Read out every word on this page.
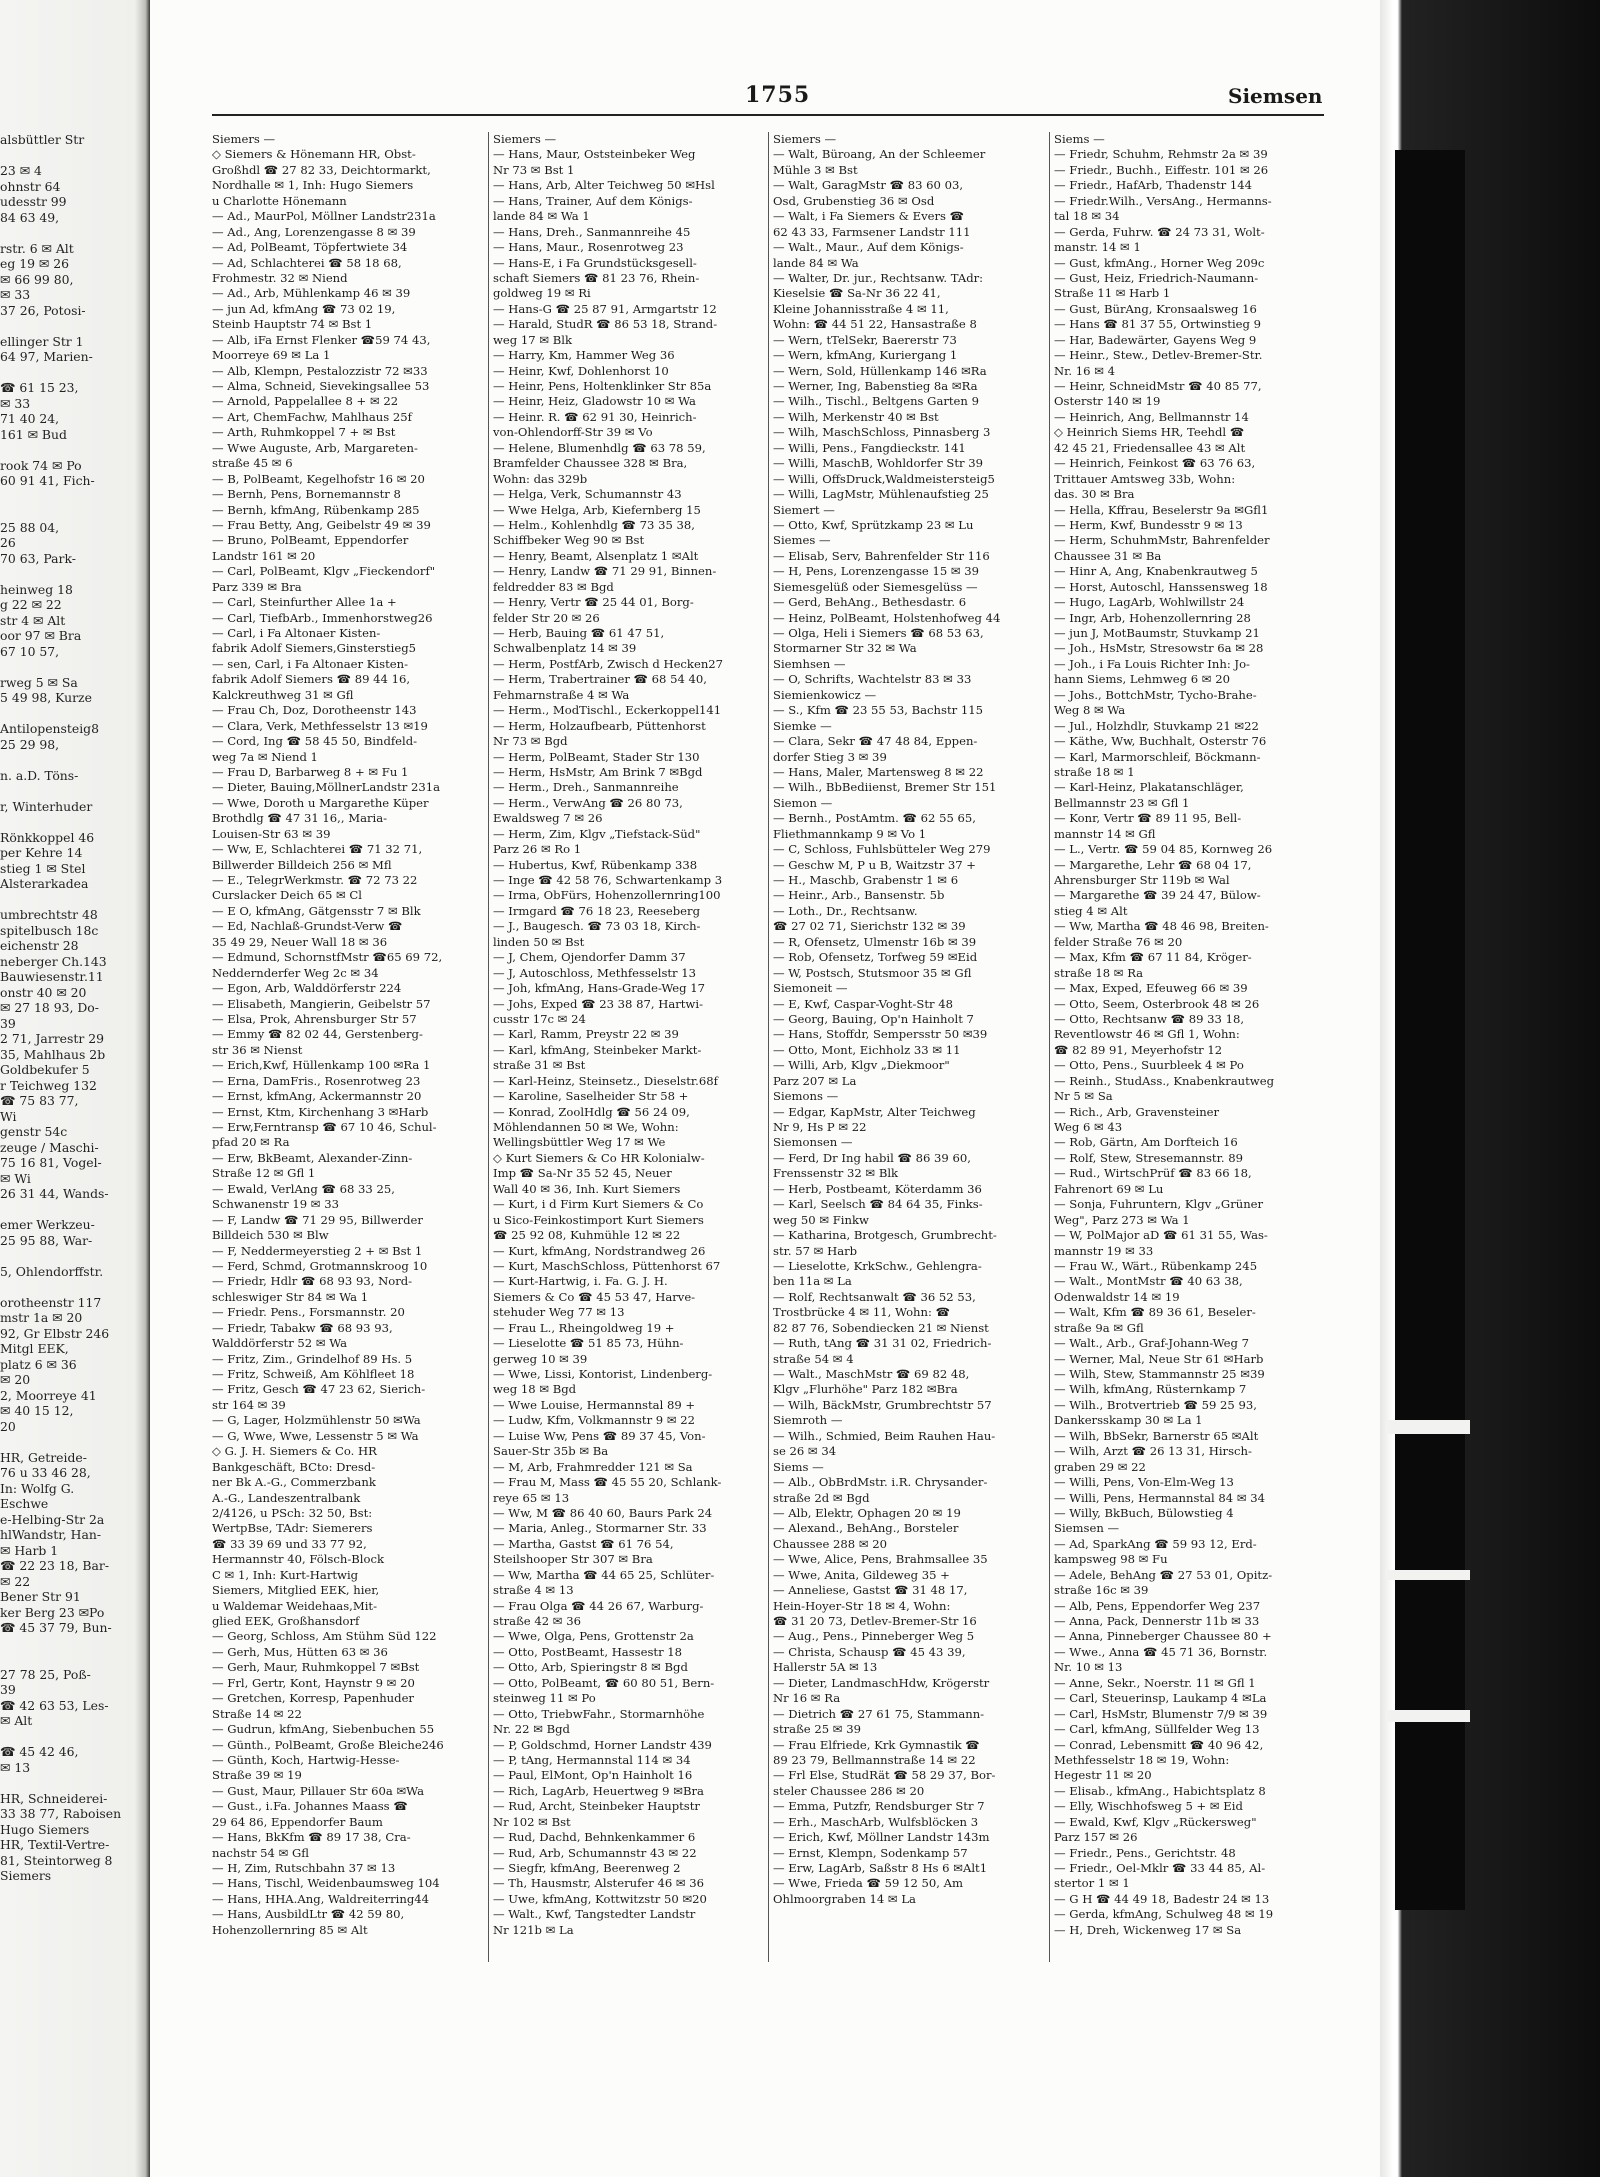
alsbüttler Str
23 ✉ 4
ohnstr 64
udesstr 99
84 63 49,
rstr. 6 ✉ Alt
eg 19 ✉ 26
✉ 66 99 80,
✉ 33
37 26, Potosi-
ellinger Str 1
64 97, Marien-
☎ 61 15 23,
✉ 33
71 40 24,
161 ✉ Bud
rook 74 ✉ Po
60 91 41, Fich-
25 88 04,
26
70 63, Park-
heinweg 18
g 22 ✉ 22
str 4 ✉ Alt
oor 97 ✉ Bra
67 10 57,
rweg 5 ✉ Sa
5 49 98, Kurze
Antilopensteig8
25 29 98,
n. a.D. Töns-
r, Winterhuder
Rönkkoppel 46
per Kehre 14
stieg 1 ✉ Stel
Alsterarkadea
umbrechtstr 48
spitelbusch 18c
eichenstr 28
neberger Ch.143
Bauwiesenstr.11
onstr 40 ✉ 20
✉ 27 18 93, Do-
39
2 71, Jarrestr 29
35, Mahlhaus 2b
Goldbekufer 5
r Teichweg 132
☎ 75 83 77,
Wi
genstr 54c
zeuge / Maschi-
75 16 81, Vogel-
✉ Wi
26 31 44, Wands-
emer Werkzeu-
25 95 88, War-
5, Ohlendorffstr.
orotheenstr 117
mstr 1a ✉ 20
92, Gr Elbstr 246
Mitgl EEK,
platz 6 ✉ 36
✉ 20
2, Moorreye 41
✉ 40 15 12,
20
HR, Getreide-
76 u 33 46 28,
In: Wolfg G.
Eschwe
e-Helbing-Str 2a
hlWandstr, Han-
✉ Harb 1
☎ 22 23 18, Bar-
✉ 22
Bener Str 91
ker Berg 23 ✉Po
☎ 45 37 79, Bun-
27 78 25, Poß-
39
☎ 42 63 53, Les-
✉ Alt
☎ 45 42 46,
✉ 13
HR, Schneiderei-
33 38 77, Raboisen
Hugo Siemers
HR, Textil-Vertre-
81, Steintorweg 8
Siemers
1755	Siemsen
Siemers —
◇ Siemers & Hönemann HR, Obst-
Großhdl ☎ 27 82 33, Deichtormarkt,
Nordhalle ✉ 1, Inh: Hugo Siemers
u Charlotte Hönemann
— Ad., MaurPol, Möllner Landstr231a
— Ad., Ang, Lorenzengasse 8 ✉ 39
— Ad, PolBeamt, Töpfertwiete 34
— Ad, Schlachterei ☎ 58 18 68,
Frohmestr. 32 ✉ Niend
— Ad., Arb, Mühlenkamp 46 ✉ 39
— jun Ad, kfmAng ☎ 73 02 19,
Steinb Hauptstr 74 ✉ Bst 1
— Alb, iFa Ernst Flenker ☎59 74 43,
Moorreye 69 ✉ La 1
— Alb, Klempn, Pestalozzistr 72 ✉33
— Alma, Schneid, Sievekingsallee 53
— Arnold, Pappelallee 8 + ✉ 22
— Art, ChemFachw, Mahlhaus 25f
— Arth, Ruhmkoppel 7 + ✉ Bst
— Wwe Auguste, Arb, Margareten-
straße 45 ✉ 6
— B, PolBeamt, Kegelhofstr 16 ✉ 20
— Bernh, Pens, Bornemannstr 8
— Bernh, kfmAng, Rübenkamp 285
— Frau Betty, Ang, Geibelstr 49 ✉ 39
— Bruno, PolBeamt, Eppendorfer
Landstr 161 ✉ 20
— Carl, PolBeamt, Klgv „Fieckendorf"
Parz 339 ✉ Bra
— Carl, Steinfurther Allee 1a +
— Carl, TiefbArb., Immenhorstweg26
— Carl, i Fa Altonaer Kisten-
fabrik Adolf Siemers,Ginsterstieg5
— sen, Carl, i Fa Altonaer Kisten-
fabrik Adolf Siemers ☎ 89 44 16,
Kalckreuthweg 31 ✉ Gfl
— Frau Ch, Doz, Dorotheenstr 143
— Clara, Verk, Methfesselstr 13 ✉19
— Cord, Ing ☎ 58 45 50, Bindfeld-
weg 7a ✉ Niend 1
— Frau D, Barbarweg 8 + ✉ Fu 1
— Dieter, Bauing,MöllnerLandstr 231a
— Wwe, Doroth u Margarethe Küper
Brothdlg ☎ 47 31 16,, Maria-
Louisen-Str 63 ✉ 39
— Ww, E, Schlachterei ☎ 71 32 71,
Billwerder Billdeich 256 ✉ Mfl
— E., TelegrWerkmstr. ☎ 72 73 22
Curslacker Deich 65 ✉ Cl
— E O, kfmAng, Gätgensstr 7 ✉ Blk
— Ed, Nachlaß-Grundst-Verw ☎
35 49 29, Neuer Wall 18 ✉ 36
— Edmund, SchornstfMstr ☎65 69 72,
Neddernderfer Weg 2c ✉ 34
— Egon, Arb, Walddörferstr 224
— Elisabeth, Mangierin, Geibelstr 57
— Elsa, Prok, Ahrensburger Str 57
— Emmy ☎ 82 02 44, Gerstenberg-
str 36 ✉ Nienst
— Erich,Kwf, Hüllenkamp 100 ✉Ra 1
— Erna, DamFris., Rosenrotweg 23
— Ernst, kfmAng, Ackermannstr 20
— Ernst, Ktm, Kirchenhang 3 ✉Harb
— Erw,Ferntransp ☎ 67 10 46, Schul-
pfad 20 ✉ Ra
— Erw, BkBeamt, Alexander-Zinn-
Straße 12 ✉ Gfl 1
— Ewald, VerlAng ☎ 68 33 25,
Schwanenstr 19 ✉ 33
— F, Landw ☎ 71 29 95, Billwerder
Billdeich 530 ✉ Blw
— F, Neddermeyerstieg 2 + ✉ Bst 1
— Ferd, Schmd, Grotmannskroog 10
— Friedr, Hdlr ☎ 68 93 93, Nord-
schleswiger Str 84 ✉ Wa 1
— Friedr. Pens., Forsmannstr. 20
— Friedr, Tabakw ☎ 68 93 93,
Walddörferstr 52 ✉ Wa
— Fritz, Zim., Grindelhof 89 Hs. 5
— Fritz, Schweiß, Am Köhlfleet 18
— Fritz, Gesch ☎ 47 23 62, Sierich-
str 164 ✉ 39
— G, Lager, Holzmühlenstr 50 ✉Wa
— G, Wwe, Wwe, Lessenstr 5 ✉ Wa
◇ G. J. H. Siemers & Co. HR
Bankgeschäft, BCto: Dresd-
ner Bk A.-G., Commerzbank
A.-G., Landeszentralbank
2/4126, u PSch: 32 50, Bst:
WertpBse, TAdr: Siemerers
☎ 33 39 69 und 33 77 92,
Hermannstr 40, Fölsch-Block
C ✉ 1, Inh: Kurt-Hartwig
Siemers, Mitglied EEK, hier,
u Waldemar Weidehaas,Mit-
glied EEK, Großhansdorf
— Georg, Schloss, Am Stühm Süd 122
— Gerh, Mus, Hütten 63 ✉ 36
— Gerh, Maur, Ruhmkoppel 7 ✉Bst
— Frl, Gertr, Kont, Haynstr 9 ✉ 20
— Gretchen, Korresp, Papenhuder
Straße 14 ✉ 22
— Gudrun, kfmAng, Siebenbuchen 55
— Günth., PolBeamt, Große Bleiche246
— Günth, Koch, Hartwig-Hesse-
Straße 39 ✉ 19
— Gust, Maur, Pillauer Str 60a ✉Wa
— Gust., i.Fa. Johannes Maass ☎
29 64 86, Eppendorfer Baum
— Hans, BkKfm ☎ 89 17 38, Cra-
nachstr 54 ✉ Gfl
— H, Zim, Rutschbahn 37 ✉ 13
— Hans, Tischl, Weidenbaumsweg 104
— Hans, HHA.Ang, Waldreiterring44
— Hans, AusbildLtr ☎ 42 59 80,
Hohenzollernring 85 ✉ Alt
Siemers —
— Hans, Maur, Oststeinbeker Weg
Nr 73 ✉ Bst 1
— Hans, Arb, Alter Teichweg 50 ✉Hsl
— Hans, Trainer, Auf dem Königs-
lande 84 ✉ Wa 1
— Hans, Dreh., Sanmannreihe 45
— Hans, Maur., Rosenrotweg 23
— Hans-E, i Fa Grundstücksgesell-
schaft Siemers ☎ 81 23 76, Rhein-
goldweg 19 ✉ Ri
— Hans-G ☎ 25 87 91, Armgartstr 12
— Harald, StudR ☎ 86 53 18, Strand-
weg 17 ✉ Blk
— Harry, Km, Hammer Weg 36
— Heinr, Kwf, Dohlenhorst 10
— Heinr, Pens, Holtenklinker Str 85a
— Heinr, Heiz, Gladowstr 10 ✉ Wa
— Heinr. R. ☎ 62 91 30, Heinrich-
von-Ohlendorff-Str 39 ✉ Vo
— Helene, Blumenhdlg ☎ 63 78 59,
Bramfelder Chaussee 328 ✉ Bra,
Wohn: das 329b
— Helga, Verk, Schumannstr 43
— Wwe Helga, Arb, Kiefernberg 15
— Helm., Kohlenhdlg ☎ 73 35 38,
Schiffbeker Weg 90 ✉ Bst
— Henry, Beamt, Alsenplatz 1 ✉Alt
— Henry, Landw ☎ 71 29 91, Binnen-
feldredder 83 ✉ Bgd
— Henry, Vertr ☎ 25 44 01, Borg-
felder Str 20 ✉ 26
— Herb, Bauing ☎ 61 47 51,
Schwalbenplatz 14 ✉ 39
— Herm, PostfArb, Zwisch d Hecken27
— Herm, Trabertrainer ☎ 68 54 40,
Fehmarnstraße 4 ✉ Wa
— Herm., ModTischl., Eckerkoppel141
— Herm, Holzaufbearb, Püttenhorst
Nr 73 ✉ Bgd
— Herm, PolBeamt, Stader Str 130
— Herm, HsMstr, Am Brink 7 ✉Bgd
— Herm., Dreh., Sanmannreihe
— Herm., VerwAng ☎ 26 80 73,
Ewaldsweg 7 ✉ 26
— Herm, Zim, Klgv „Tiefstack-Süd"
Parz 26 ✉ Ro 1
— Hubertus, Kwf, Rübenkamp 338
— Inge ☎ 42 58 76, Schwartenkamp 3
— Irma, ObFürs, Hohenzollernring100
— Irmgard ☎ 76 18 23, Reeseberg
— J., Baugesch. ☎ 73 03 18, Kirch-
linden 50 ✉ Bst
— J, Chem, Ojendorfer Damm 37
— J, Autoschloss, Methfesselstr 13
— Joh, kfmAng, Hans-Grade-Weg 17
— Johs, Exped ☎ 23 38 87, Hartwi-
cusstr 17c ✉ 24
— Karl, Ramm, Preystr 22 ✉ 39
— Karl, kfmAng, Steinbeker Markt-
straße 31 ✉ Bst
— Karl-Heinz, Steinsetz., Dieselstr.68f
— Karoline, Saselheider Str 58 +
— Konrad, ZoolHdlg ☎ 56 24 09,
Möhlendannen 50 ✉ We, Wohn:
Wellingsbüttler Weg 17 ✉ We
◇ Kurt Siemers & Co HR Kolonialw-
Imp ☎ Sa-Nr 35 52 45, Neuer
Wall 40 ✉ 36, Inh. Kurt Siemers
— Kurt, i d Firm Kurt Siemers & Co
u Sico-Feinkostimport Kurt Siemers
☎ 25 92 08, Kuhmühle 12 ✉ 22
— Kurt, kfmAng, Nordstrandweg 26
— Kurt, MaschSchloss, Püttenhorst 67
— Kurt-Hartwig, i. Fa. G. J. H.
Siemers & Co ☎ 45 53 47, Harve-
stehuder Weg 77 ✉ 13
— Frau L., Rheingoldweg 19 +
— Lieselotte ☎ 51 85 73, Hühn-
gerweg 10 ✉ 39
— Wwe, Lissi, Kontorist, Lindenberg-
weg 18 ✉ Bgd
— Wwe Louise, Hermannstal 89 +
— Ludw, Kfm, Volkmannstr 9 ✉ 22
— Luise Ww, Pens ☎ 89 37 45, Von-
Sauer-Str 35b ✉ Ba
— M, Arb, Frahmredder 121 ✉ Sa
— Frau M, Mass ☎ 45 55 20, Schlank-
reye 65 ✉ 13
— Ww, M ☎ 86 40 60, Baurs Park 24
— Maria, Anleg., Stormarner Str. 33
— Martha, Gastst ☎ 61 76 54,
Steilshooper Str 307 ✉ Bra
— Ww, Martha ☎ 44 65 25, Schlüter-
straße 4 ✉ 13
— Frau Olga ☎ 44 26 67, Warburg-
straße 42 ✉ 36
— Wwe, Olga, Pens, Grottenstr 2a
— Otto, PostBeamt, Hassestr 18
— Otto, Arb, Spieringstr 8 ✉ Bgd
— Otto, PolBeamt, ☎ 60 80 51, Bern-
steinweg 11 ✉ Po
— Otto, TriebwFahr., Stormarnhöhe
Nr. 22 ✉ Bgd
— P, Goldschmd, Horner Landstr 439
— P, tAng, Hermannstal 114 ✉ 34
— Paul, ElMont, Op'n Hainholt 16
— Rich, LagArb, Heuertweg 9 ✉Bra
— Rud, Archt, Steinbeker Hauptstr
Nr 102 ✉ Bst
— Rud, Dachd, Behnkenkammer 6
— Rud, Arb, Schumannstr 43 ✉ 22
— Siegfr, kfmAng, Beerenweg 2
— Th, Hausmstr, Alsterufer 46 ✉ 36
— Uwe, kfmAng, Kottwitzstr 50 ✉20
— Walt., Kwf, Tangstedter Landstr
Nr 121b ✉ La
Siemers —
— Walt, Büroang, An der Schleemer
Mühle 3 ✉ Bst
— Walt, GaragMstr ☎ 83 60 03,
Osd, Grubenstieg 36 ✉ Osd
— Walt, i Fa Siemers & Evers ☎
62 43 33, Farmsener Landstr 111
— Walt., Maur., Auf dem Königs-
lande 84 ✉ Wa
— Walter, Dr. jur., Rechtsanw. TAdr:
Kieselsie ☎ Sa-Nr 36 22 41,
Kleine Johannisstraße 4 ✉ 11,
Wohn: ☎ 44 51 22, Hansastraße 8
— Wern, tTelSekr, Baererstr 73
— Wern, kfmAng, Kuriergang 1
— Wern, Sold, Hüllenkamp 146 ✉Ra
— Werner, Ing, Babenstieg 8a ✉Ra
— Wilh., Tischl., Beltgens Garten 9
— Wilh, Merkenstr 40 ✉ Bst
— Wilh, MaschSchloss, Pinnasberg 3
— Willi, Pens., Fangdieckstr. 141
— Willi, MaschB, Wohldorfer Str 39
— Willi, OffsDruck,Waldmeistersteig5
— Willi, LagMstr, Mühlenaufstieg 25
Siemert —
— Otto, Kwf, Sprützkamp 23 ✉ Lu
Siemes —
— Elisab, Serv, Bahrenfelder Str 116
— H, Pens, Lorenzengasse 15 ✉ 39
Siemesgelüß oder Siemesgelüss —
— Gerd, BehAng., Bethesdastr. 6
— Heinz, PolBeamt, Holstenhofweg 44
— Olga, Heli i Siemers ☎ 68 53 63,
Stormarner Str 32 ✉ Wa
Siemhsen —
— O, Schrifts, Wachtelstr 83 ✉ 33
Siemienkowicz —
— S., Kfm ☎ 23 55 53, Bachstr 115
Siemke —
— Clara, Sekr ☎ 47 48 84, Eppen-
dorfer Stieg 3 ✉ 39
— Hans, Maler, Martensweg 8 ✉ 22
— Wilh., BbBediienst, Bremer Str 151
Siemon —
— Bernh., PostAmtm. ☎ 62 55 65,
Fliethmannkamp 9 ✉ Vo 1
— C, Schloss, Fuhlsbütteler Weg 279
— Geschw M, P u B, Waitzstr 37 +
— H., Maschb, Grabenstr 1 ✉ 6
— Heinr., Arb., Bansenstr. 5b
— Loth., Dr., Rechtsanw.
☎ 27 02 71, Sierichstr 132 ✉ 39
— R, Ofensetz, Ulmenstr 16b ✉ 39
— Rob, Ofensetz, Torfweg 59 ✉Eid
— W, Postsch, Stutsmoor 35 ✉ Gfl
Siemoneit —
— E, Kwf, Caspar-Voght-Str 48
— Georg, Bauing, Op'n Hainholt 7
— Hans, Stoffdr, Sempersstr 50 ✉39
— Otto, Mont, Eichholz 33 ✉ 11
— Willi, Arb, Klgv „Diekmoor"
Parz 207 ✉ La
Siemons —
— Edgar, KapMstr, Alter Teichweg
Nr 9, Hs P ✉ 22
Siemonsen —
— Ferd, Dr Ing habil ☎ 86 39 60,
Frenssenstr 32 ✉ Blk
— Herb, Postbeamt, Köterdamm 36
— Karl, Seelsch ☎ 84 64 35, Finks-
weg 50 ✉ Finkw
— Katharina, Brotgesch, Grumbrecht-
str. 57 ✉ Harb
— Lieselotte, KrkSchw., Gehlengra-
ben 11a ✉ La
— Rolf, Rechtsanwalt ☎ 36 52 53,
Trostbrücke 4 ✉ 11, Wohn: ☎
82 87 76, Sobendiecken 21 ✉ Nienst
— Ruth, tAng ☎ 31 31 02, Friedrich-
straße 54 ✉ 4
— Walt., MaschMstr ☎ 69 82 48,
Klgv „Flurhöhe" Parz 182 ✉Bra
— Wilh, BäckMstr, Grumbrechtstr 57
Siemroth —
— Wilh., Schmied, Beim Rauhen Hau-
se 26 ✉ 34
Siems —
— Alb., ObBrdMstr. i.R. Chrysander-
straße 2d ✉ Bgd
— Alb, Elektr, Ophagen 20 ✉ 19
— Alexand., BehAng., Borsteler
Chaussee 288 ✉ 20
— Wwe, Alice, Pens, Brahmsallee 35
— Wwe, Anita, Gildeweg 35 +
— Anneliese, Gastst ☎ 31 48 17,
Hein-Hoyer-Str 18 ✉ 4, Wohn:
☎ 31 20 73, Detlev-Bremer-Str 16
— Aug., Pens., Pinneberger Weg 5
— Christa, Schausp ☎ 45 43 39,
Hallerstr 5A ✉ 13
— Dieter, LandmaschHdw, Krögerstr
Nr 16 ✉ Ra
— Dietrich ☎ 27 61 75, Stammann-
straße 25 ✉ 39
— Frau Elfriede, Krk Gymnastik ☎
89 23 79, Bellmannstraße 14 ✉ 22
— Frl Else, StudRät ☎ 58 29 37, Bor-
steler Chaussee 286 ✉ 20
— Emma, Putzfr, Rendsburger Str 7
— Erh., MaschArb, Wulfsblöcken 3
— Erich, Kwf, Möllner Landstr 143m
— Ernst, Klempn, Sodenkamp 57
— Erw, LagArb, Saßstr 8 Hs 6 ✉Alt1
— Wwe, Frieda ☎ 59 12 50, Am
Ohlmoorgraben 14 ✉ La
Siems —
— Friedr, Schuhm, Rehmstr 2a ✉ 39
— Friedr., Buchh., Eiffestr. 101 ✉ 26
— Friedr., HafArb, Thadenstr 144
— Friedr.Wilh., VersAng., Hermanns-
tal 18 ✉ 34
— Gerda, Fuhrw. ☎ 24 73 31, Wolt-
manstr. 14 ✉ 1
— Gust, kfmAng., Horner Weg 209c
— Gust, Heiz, Friedrich-Naumann-
Straße 11 ✉ Harb 1
— Gust, BürAng, Kronsaalsweg 16
— Hans ☎ 81 37 55, Ortwinstieg 9
— Har, Badewärter, Gayens Weg 9
— Heinr., Stew., Detlev-Bremer-Str.
Nr. 16 ✉ 4
— Heinr, SchneidMstr ☎ 40 85 77,
Osterstr 140 ✉ 19
— Heinrich, Ang, Bellmannstr 14
◇ Heinrich Siems HR, Teehdl ☎
42 45 21, Friedensallee 43 ✉ Alt
— Heinrich, Feinkost ☎ 63 76 63,
Trittauer Amtsweg 33b, Wohn:
das. 30 ✉ Bra
— Hella, Kffrau, Beselerstr 9a ✉Gfl1
— Herm, Kwf, Bundesstr 9 ✉ 13
— Herm, SchuhmMstr, Bahrenfelder
Chaussee 31 ✉ Ba
— Hinr A, Ang, Knabenkrautweg 5
— Horst, Autoschl, Hanssensweg 18
— Hugo, LagArb, Wohlwillstr 24
— Ingr, Arb, Hohenzollernring 28
— jun J, MotBaumstr, Stuvkamp 21
— Joh., HsMstr, Stresowstr 6a ✉ 28
— Joh., i Fa Louis Richter Inh: Jo-
hann Siems, Lehmweg 6 ✉ 20
— Johs., BottchMstr, Tycho-Brahe-
Weg 8 ✉ Wa
— Jul., Holzhdlr, Stuvkamp 21 ✉22
— Käthe, Ww, Buchhalt, Osterstr 76
— Karl, Marmorschleif, Böckmann-
straße 18 ✉ 1
— Karl-Heinz, Plakatanschläger,
Bellmannstr 23 ✉ Gfl 1
— Konr, Vertr ☎ 89 11 95, Bell-
mannstr 14 ✉ Gfl
— L., Vertr. ☎ 59 04 85, Kornweg 26
— Margarethe, Lehr ☎ 68 04 17,
Ahrensburger Str 119b ✉ Wal
— Margarethe ☎ 39 24 47, Bülow-
stieg 4 ✉ Alt
— Ww, Martha ☎ 48 46 98, Breiten-
felder Straße 76 ✉ 20
— Max, Kfm ☎ 67 11 84, Kröger-
straße 18 ✉ Ra
— Max, Exped, Efeuweg 66 ✉ 39
— Otto, Seem, Osterbrook 48 ✉ 26
— Otto, Rechtsanw ☎ 89 33 18,
Reventlowstr 46 ✉ Gfl 1, Wohn:
☎ 82 89 91, Meyerhofstr 12
— Otto, Pens., Suurbleek 4 ✉ Po
— Reinh., StudAss., Knabenkrautweg
Nr 5 ✉ Sa
— Rich., Arb, Gravensteiner
Weg 6 ✉ 43
— Rob, Gärtn, Am Dorfteich 16
— Rolf, Stew, Stresemannstr. 89
— Rud., WirtschPrüf ☎ 83 66 18,
Fahrenort 69 ✉ Lu
— Sonja, Fuhruntern, Klgv „Grüner
Weg", Parz 273 ✉ Wa 1
— W, PolMajor aD ☎ 61 31 55, Was-
mannstr 19 ✉ 33
— Frau W., Wärt., Rübenkamp 245
— Walt., MontMstr ☎ 40 63 38,
Odenwaldstr 14 ✉ 19
— Walt, Kfm ☎ 89 36 61, Beseler-
straße 9a ✉ Gfl
— Walt., Arb., Graf-Johann-Weg 7
— Werner, Mal, Neue Str 61 ✉Harb
— Wilh, Stew, Stammannstr 25 ✉39
— Wilh, kfmAng, Rüsternkamp 7
— Wilh., Brotvertrieb ☎ 59 25 93,
Dankersskamp 30 ✉ La 1
— Wilh, BbSekr, Barnerstr 65 ✉Alt
— Wilh, Arzt ☎ 26 13 31, Hirsch-
graben 29 ✉ 22
— Willi, Pens, Von-Elm-Weg 13
— Willi, Pens, Hermannstal 84 ✉ 34
— Willy, BkBuch, Bülowstieg 4
Siemsen —
— Ad, SparkAng ☎ 59 93 12, Erd-
kampsweg 98 ✉ Fu
— Adele, BehAng ☎ 27 53 01, Opitz-
straße 16c ✉ 39
— Alb, Pens, Eppendorfer Weg 237
— Anna, Pack, Dennerstr 11b ✉ 33
— Anna, Pinneberger Chaussee 80 +
— Wwe., Anna ☎ 45 71 36, Bornstr.
Nr. 10 ✉ 13
— Anne, Sekr., Noerstr. 11 ✉ Gfl 1
— Carl, Steuerinsp, Laukamp 4 ✉La
— Carl, HsMstr, Blumenstr 7/9 ✉ 39
— Carl, kfmAng, Süllfelder Weg 13
— Conrad, Lebensmitt ☎ 40 96 42,
Methfesselstr 18 ✉ 19, Wohn:
Hegestr 11 ✉ 20
— Elisab., kfmAng., Habichtsplatz 8
— Elly, Wischhofsweg 5 + ✉ Eid
— Ewald, Kwf, Klgv „Rückersweg"
Parz 157 ✉ 26
— Friedr., Pens., Gerichtstr. 48
— Friedr., Oel-Mklr ☎ 33 44 85, Al-
stertor 1 ✉ 1
— G H ☎ 44 49 18, Badestr 24 ✉ 13
— Gerda, kfmAng, Schulweg 48 ✉ 19
— H, Dreh, Wickenweg 17 ✉ Sa
